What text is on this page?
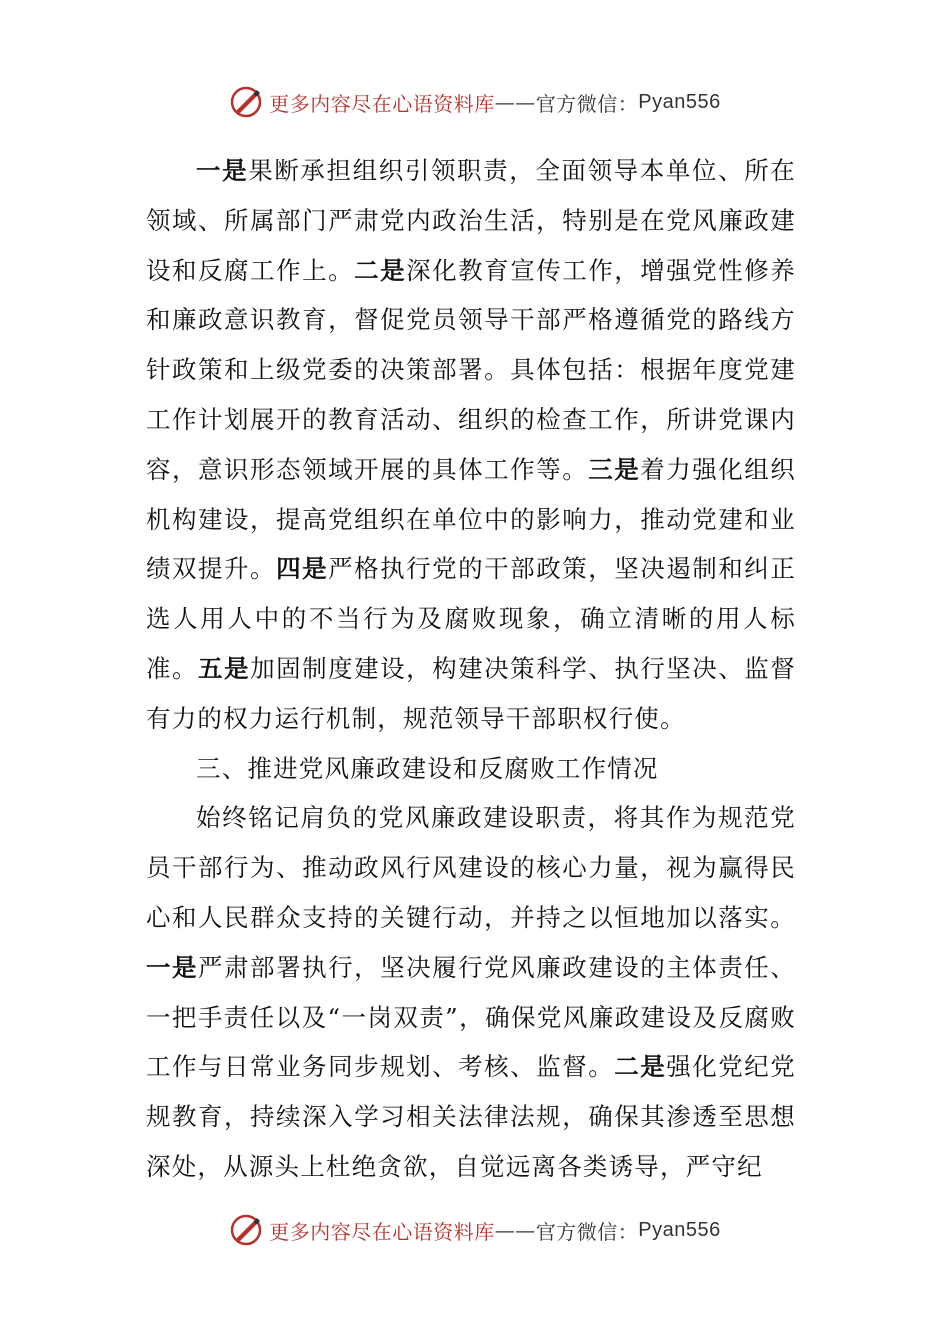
更多内容尽在心语资料库 —— 官方微信： Pyan556

一是果断承担组织引领职责，全面领导本单位、所在领域、所属部门严肃党内政治生活，特别是在党风廉政建设和反腐工作上。二是深化教育宣传工作，增强党性修养和廉政意识教育，督促党员领导干部严格遵循党的路线方针政策和上级党委的决策部署。具体包括：根据年度党建工作计划展开的教育活动、组织的检查工作，所讲党课内容，意识形态领域开展的具体工作等。三是着力强化组织机构建设，提高党组织在单位中的影响力，推动党建和业绩双提升。四是严格执行党的干部政策，坚决遏制和纠正选人用人中的不当行为及腐败现象，确立清晰的用人标准。五是加固制度建设，构建决策科学、执行坚决、监督有力的权力运行机制，规范领导干部职权行使。

三、推进党风廉政建设和反腐败工作情况

始终铭记肩负的党风廉政建设职责，将其作为规范党员干部行为、推动政风行风建设的核心力量，视为赢得民心和人民群众支持的关键行动，并持之以恒地加以落实。一是严肃部署执行，坚决履行党风廉政建设的主体责任、一把手责任以及“一岗双责”，确保党风廉政建设及反腐败工作与日常业务同步规划、考核、监督。二是强化党纪党规教育，持续深入学习相关法律法规，确保其渗透至思想深处，从源头上杜绝贪欲，自觉远离各类诱导，严守纪

更多内容尽在心语资料库 —— 官方微信： Pyan556
